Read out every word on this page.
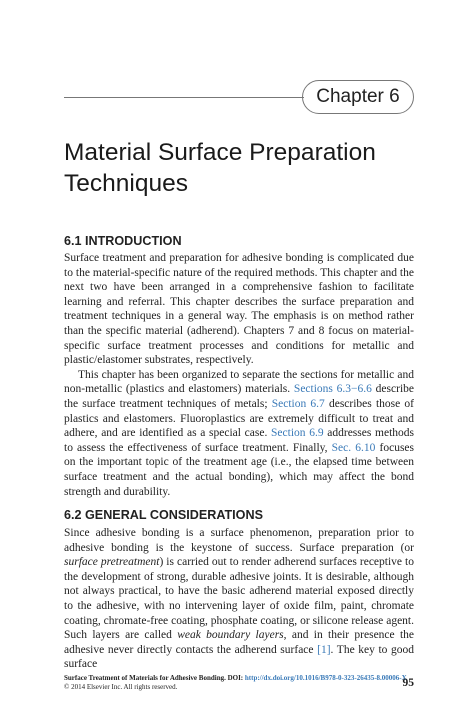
Chapter 6
Material Surface Preparation Techniques
6.1 INTRODUCTION

Surface treatment and preparation for adhesive bonding is complicated due to the material-specific nature of the required methods. This chapter and the next two have been arranged in a comprehensive fashion to facilitate learning and referral. This chapter describes the surface preparation and treatment techniques in a general way. The emphasis is on method rather than the specific material (adherend). Chapters 7 and 8 focus on material-specific surface treatment processes and conditions for metallic and plastic/elastomer substrates, respectively.

This chapter has been organized to separate the sections for metallic and non-metallic (plastics and elastomers) materials. Sections 6.3−6.6 describe the surface treatment techniques of metals; Section 6.7 describes those of plastics and elastomers. Fluoroplastics are extremely difficult to treat and adhere, and are identified as a special case. Section 6.9 addresses methods to assess the effectiveness of surface treatment. Finally, Sec. 6.10 focuses on the important topic of the treatment age (i.e., the elapsed time between surface treatment and the actual bonding), which may affect the bond strength and durability.

6.2 GENERAL CONSIDERATIONS

Since adhesive bonding is a surface phenomenon, preparation prior to adhesive bonding is the keystone of success. Surface preparation (or surface pretreatment) is carried out to render adherend surfaces receptive to the development of strong, durable adhesive joints. It is desirable, although not always practical, to have the basic adherend material exposed directly to the adhesive, with no intervening layer of oxide film, paint, chromate coating, chromate-free coating, phosphate coating, or silicone release agent. Such layers are called weak boundary layers, and in their presence the adhesive never directly contacts the adherend surface [1]. The key to good surface

Surface Treatment of Materials for Adhesive Bonding. DOI: http://dx.doi.org/10.1016/B978-0-323-26435-8.00006-X
© 2014 Elsevier Inc. All rights reserved.	95
